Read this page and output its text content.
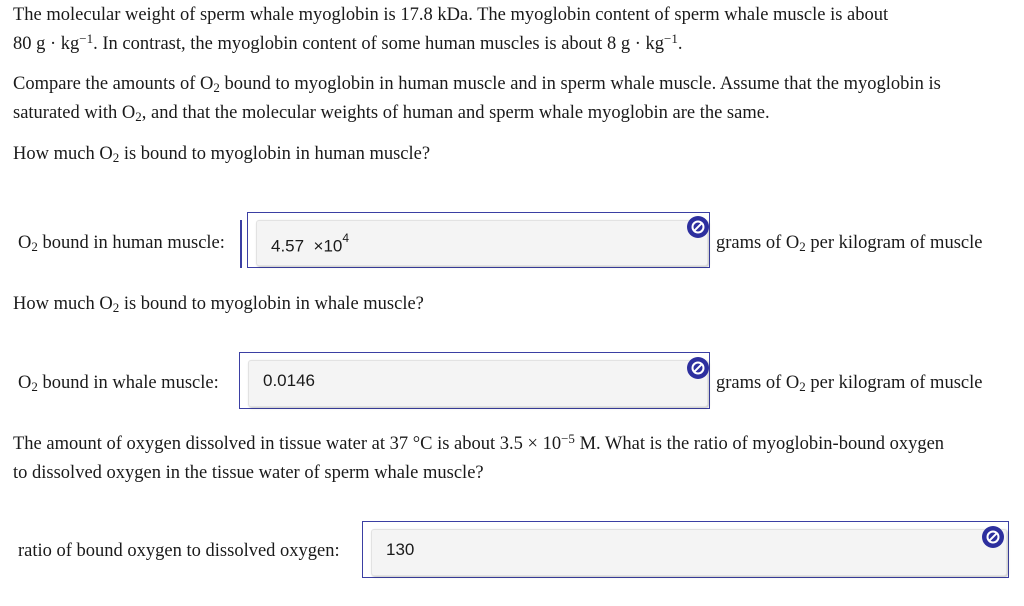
The molecular weight of sperm whale myoglobin is 17.8 kDa. The myoglobin content of sperm whale muscle is about
80 $g \cdot kg^{-1}$. In contrast, the myoglobin content of some human muscles is about 8 $g \cdot kg^{-1}$.

Compare the amounts of $O_2$ bound to myoglobin in human muscle and in sperm whale muscle. Assume that the myoglobin is
saturated with $O_2$, and that the molecular weights of human and sperm whale myoglobin are the same.

How much $O_2$ is bound to myoglobin in human muscle?

$O_2$ bound in human muscle:	$4.57 \times 10^4$	grams of $O_2$ per kilogram of muscle

How much $O_2$ is bound to myoglobin in whale muscle?

$O_2$ bound in whale muscle:	0.0146	grams of $O_2$ per kilogram of muscle

The amount of oxygen dissolved in tissue water at 37 °C is about $3.5 \times 10^{-5}$ M. What is the ratio of myoglobin-bound oxygen
to dissolved oxygen in the tissue water of sperm whale muscle?

ratio of bound oxygen to dissolved oxygen:	130
